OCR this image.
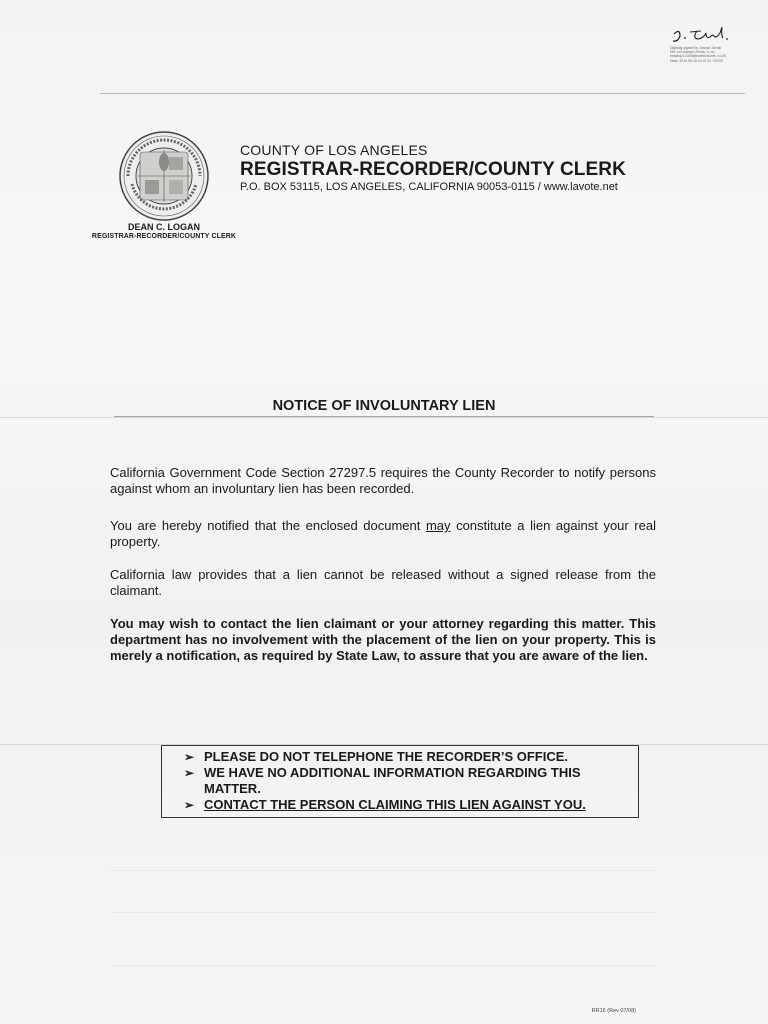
Digitally signed by Joseph Zernik
DN: cn=Joseph Zernik, o, ou,
email=jz12345@earthlink.net, c=US
Date: 2010.05.15 14:47:11 +03'00'
DEAN C. LOGAN
REGISTRAR-RECORDER/COUNTY CLERK
COUNTY OF LOS ANGELES
REGISTRAR-RECORDER/COUNTY CLERK
P.O. BOX 53115, LOS ANGELES, CALIFORNIA 90053-0115 / www.lavote.net
NOTICE OF INVOLUNTARY LIEN
California Government Code Section 27297.5 requires the County Recorder to notify persons against whom an involuntary lien has been recorded.
You are hereby notified that the enclosed document may constitute a lien against your real property.
California law provides that a lien cannot be released without a signed release from the claimant.
You may wish to contact the lien claimant or your attorney regarding this matter. This department has no involvement with the placement of the lien on your property. This is merely a notification, as required by State Law, to assure that you are aware of the lien.
➢ PLEASE DO NOT TELEPHONE THE RECORDER’S OFFICE.
➢ WE HAVE NO ADDITIONAL INFORMATION REGARDING THIS MATTER.
➢ CONTACT THE PERSON CLAIMING THIS LIEN AGAINST YOU.
RR16 (Rev 07/08)
